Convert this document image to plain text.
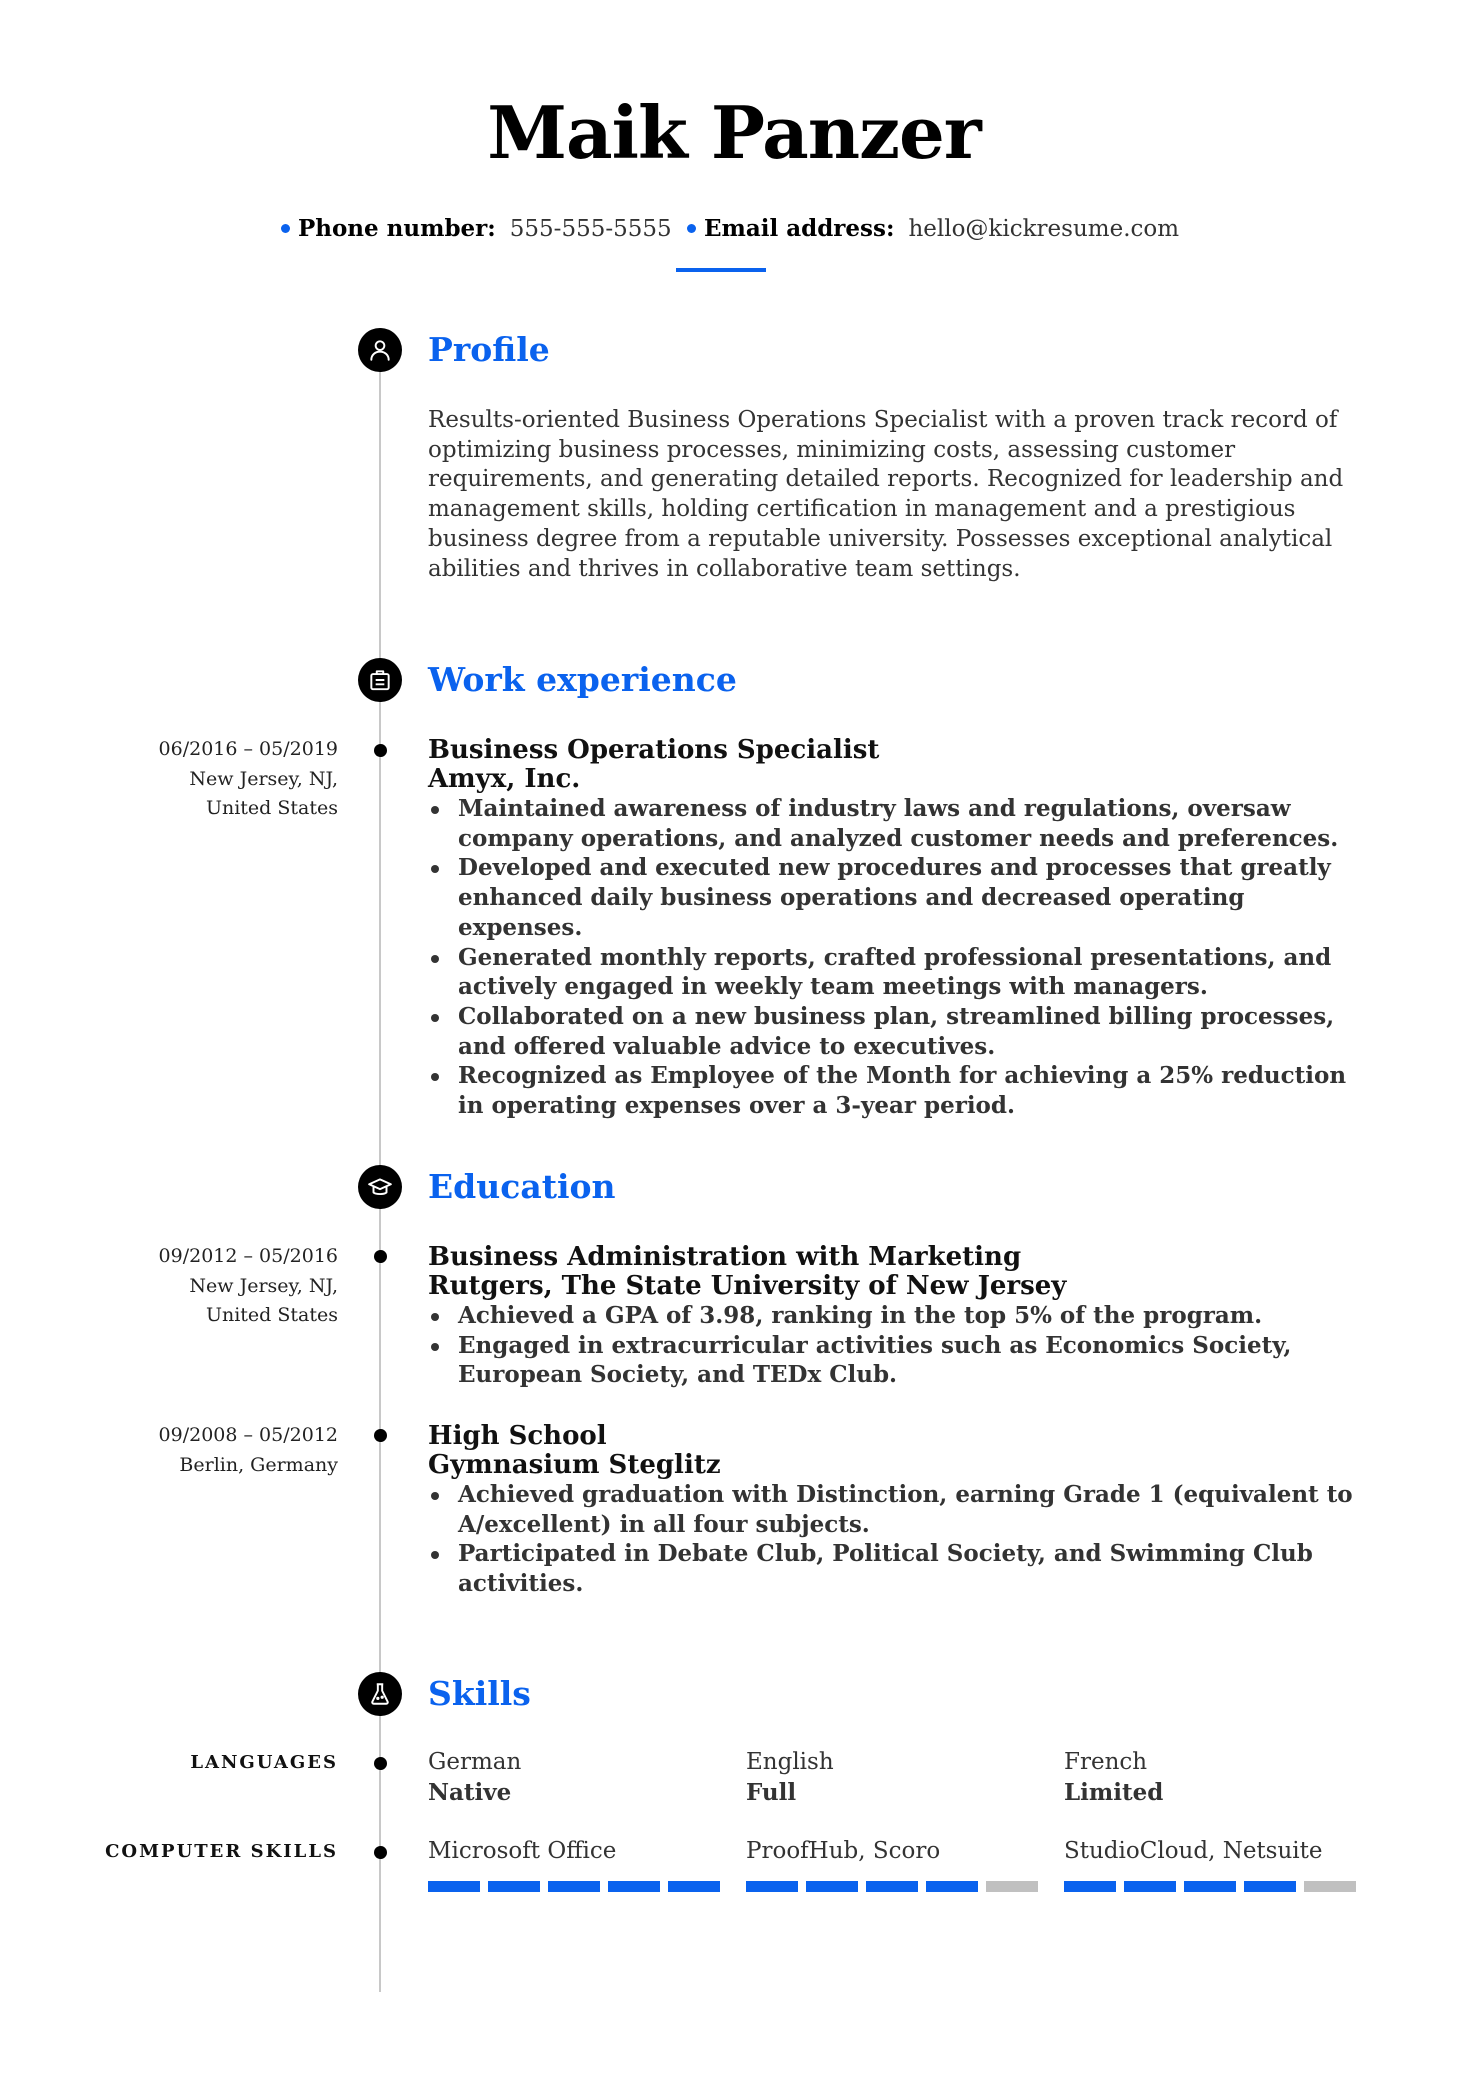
Maik Panzer
Phone number: 555-555-5555 Email address: hello@kickresume.com
Profile
Results-oriented Business Operations Specialist with a proven track record of optimizing business processes, minimizing costs, assessing customer requirements, and generating detailed reports. Recognized for leadership and management skills, holding certification in management and a prestigious business degree from a reputable university. Possesses exceptional analytical abilities and thrives in collaborative team settings.
Work experience
06/2016 – 05/2019
New Jersey, NJ,
United States
Business Operations Specialist
Amyx, Inc.
Maintained awareness of industry laws and regulations, oversaw company operations, and analyzed customer needs and preferences.
Developed and executed new procedures and processes that greatly enhanced daily business operations and decreased operating expenses.
Generated monthly reports, crafted professional presentations, and actively engaged in weekly team meetings with managers.
Collaborated on a new business plan, streamlined billing processes, and offered valuable advice to executives.
Recognized as Employee of the Month for achieving a 25% reduction in operating expenses over a 3-year period.
Education
09/2012 – 05/2016
New Jersey, NJ,
United States
Business Administration with Marketing
Rutgers, The State University of New Jersey
Achieved a GPA of 3.98, ranking in the top 5% of the program.
Engaged in extracurricular activities such as Economics Society, European Society, and TEDx Club.
09/2008 – 05/2012
Berlin, Germany
High School
Gymnasium Steglitz
Achieved graduation with Distinction, earning Grade 1 (equivalent to A/excellent) in all four subjects.
Participated in Debate Club, Political Society, and Swimming Club activities.
Skills
LANGUAGES	German
Native
English
Full
French
Limited
COMPUTER SKILLS	Microsoft Office	ProofHub, Scoro	StudioCloud, Netsuite
